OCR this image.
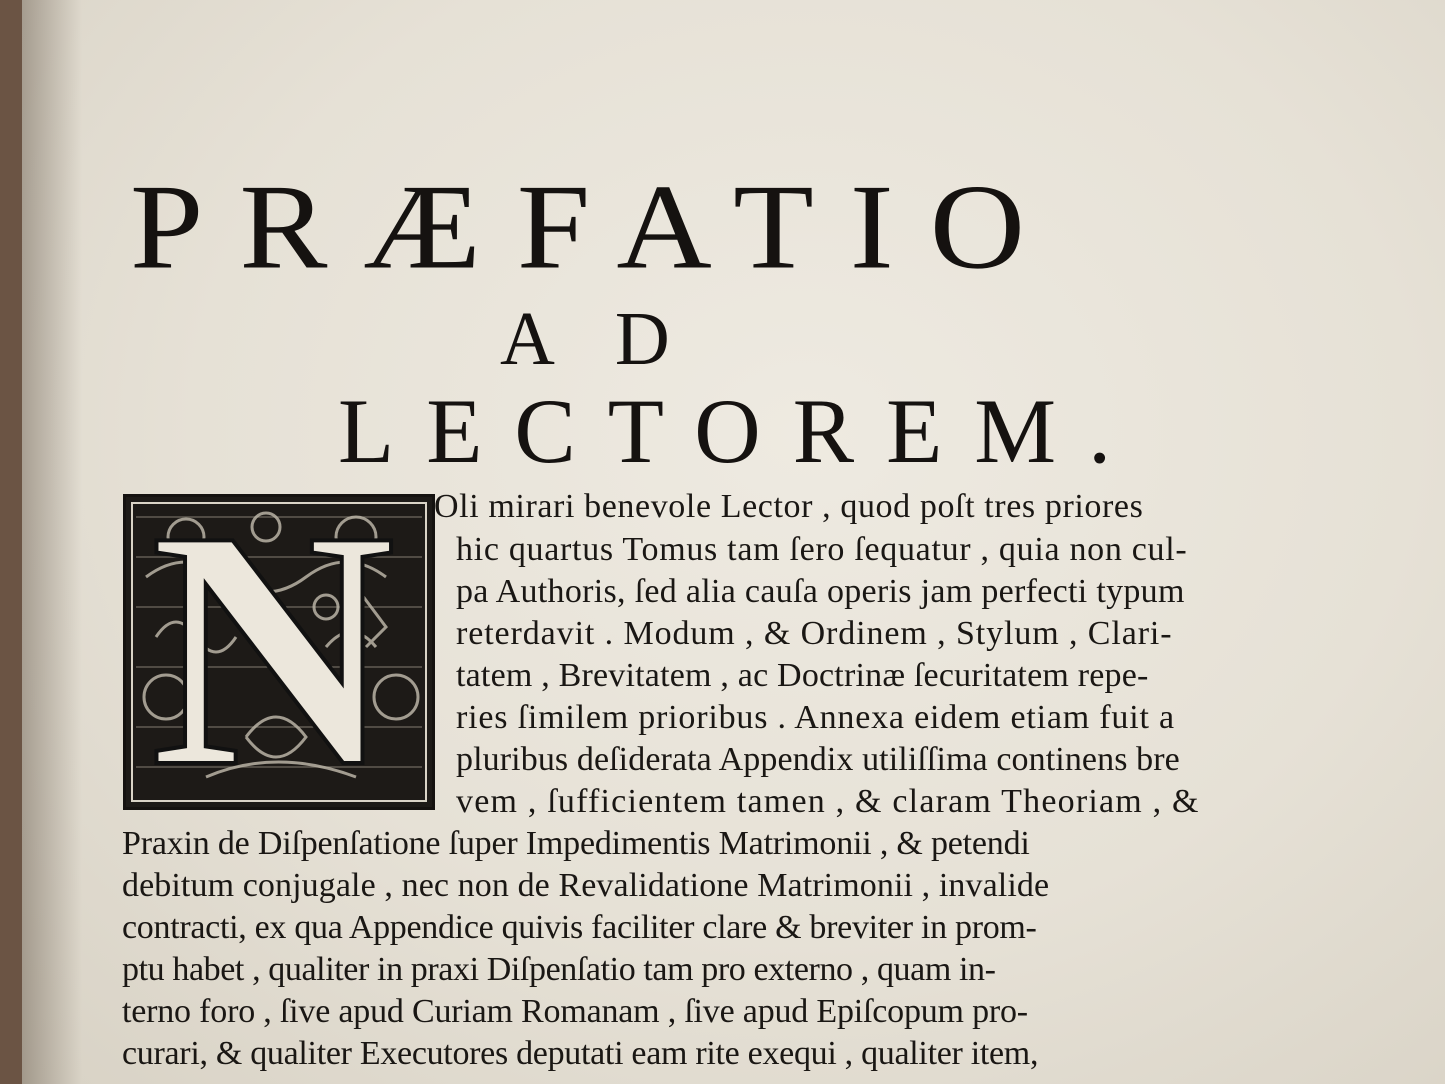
PRÆFATIO
AD
LECTOREM.
N Oli mirari benevole Lector , quod poſt tres priores
hic quartus Tomus tam ſero ſequatur , quia non cul-
pa Authoris, ſed alia cauſa operis jam perfecti typum
reterdavit . Modum , & Ordinem , Stylum , Clari-
tatem , Brevitatem , ac Doctrinæ ſecuritatem repe-
ries ſimilem prioribus . Annexa eidem etiam fuit a
pluribus deſiderata Appendix utiliſſima continens bre
vem , ſufficientem tamen , & claram Theoriam , &
Praxin de Diſpenſatione ſuper Impedimentis Matrimonii , & petendi
debitum conjugale , nec non de Revalidatione Matrimonii , invalide
contracti, ex qua Appendice quivis faciliter clare & breviter in prom-
ptu habet , qualiter in praxi Diſpenſatio tam pro externo , quam in-
terno foro , ſive apud Curiam Romanam , ſive apud Epiſcopum pro-
curari, & qualiter Executores deputati eam rite exequi , qualiter item,
